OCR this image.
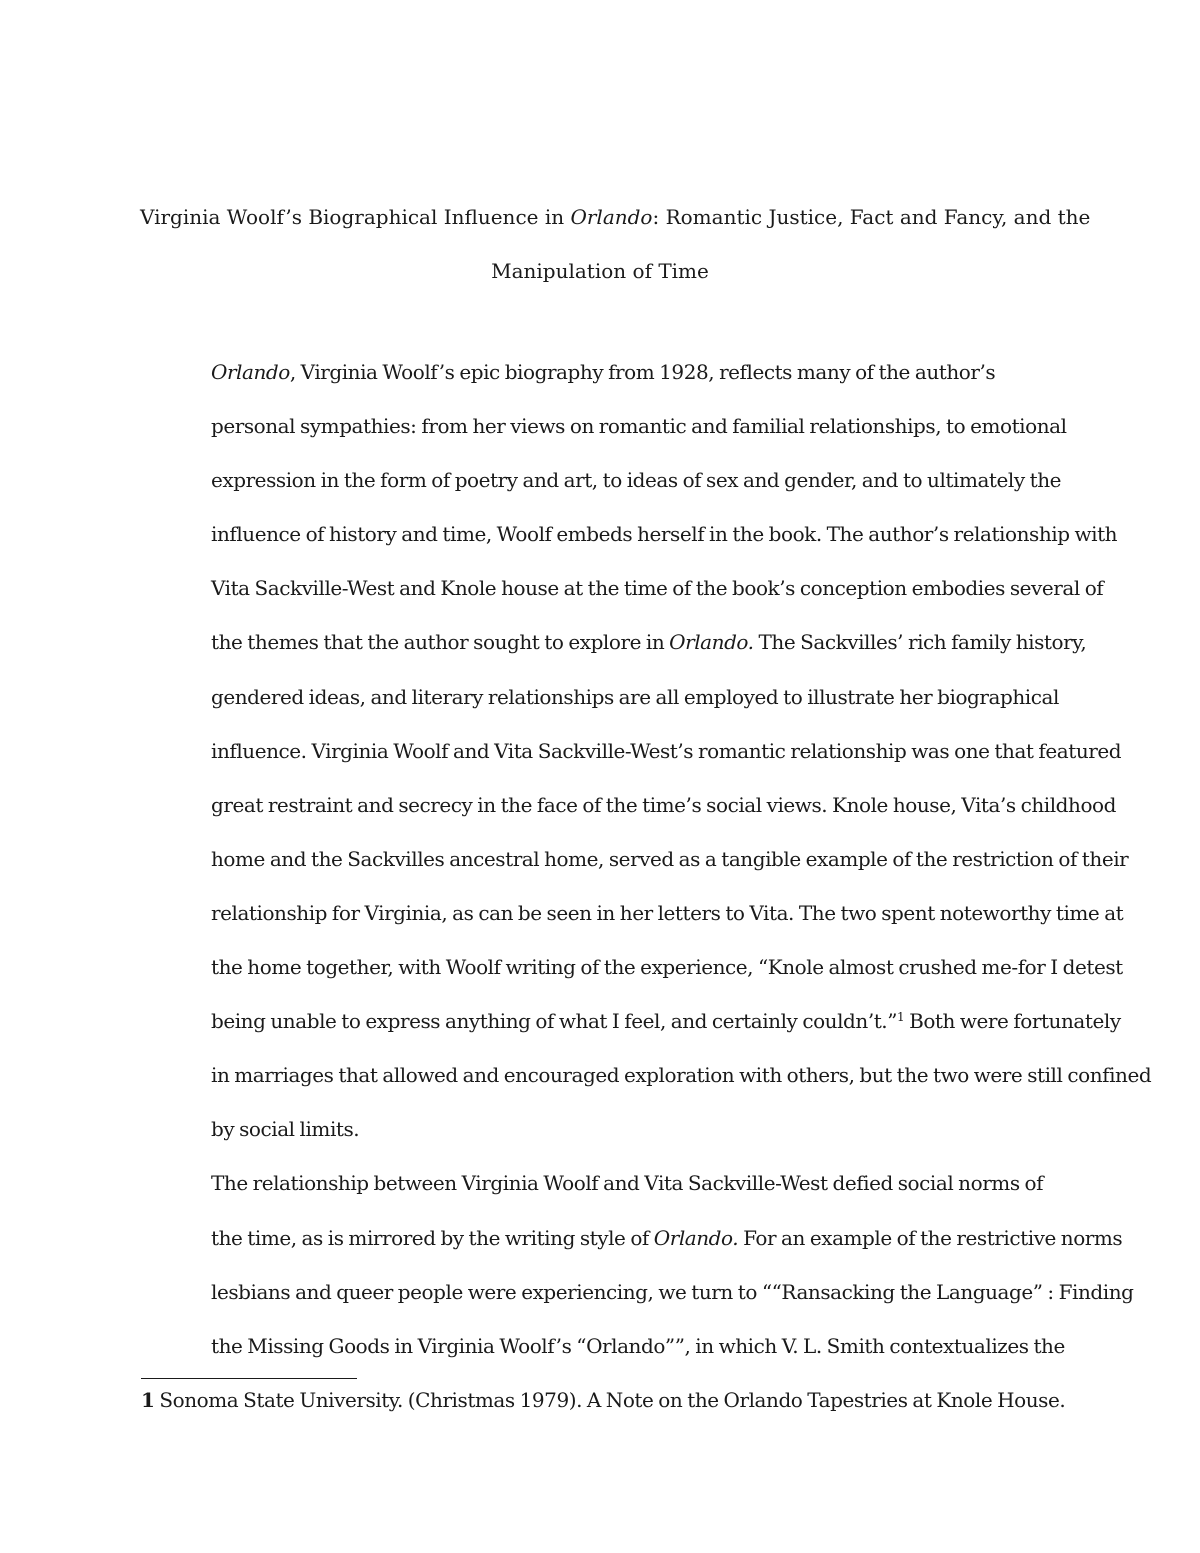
Virginia Woolf’s Biographical Influence in Orlando: Romantic Justice, Fact and Fancy, and the
Manipulation of Time

Orlando, Virginia Woolf’s epic biography from 1928, reflects many of the author’s
personal sympathies: from her views on romantic and familial relationships, to emotional
expression in the form of poetry and art, to ideas of sex and gender, and to ultimately the
influence of history and time, Woolf embeds herself in the book. The author’s relationship with
Vita Sackville-West and Knole house at the time of the book’s conception embodies several of
the themes that the author sought to explore in Orlando. The Sackvilles’ rich family history,
gendered ideas, and literary relationships are all employed to illustrate her biographical
influence. Virginia Woolf and Vita Sackville-West’s romantic relationship was one that featured
great restraint and secrecy in the face of the time’s social views. Knole house, Vita’s childhood
home and the Sackvilles ancestral home, served as a tangible example of the restriction of their
relationship for Virginia, as can be seen in her letters to Vita. The two spent noteworthy time at
the home together, with Woolf writing of the experience, “Knole almost crushed me-for I detest
being unable to express anything of what I feel, and certainly couldn’t.”$^1$ Both were fortunately
in marriages that allowed and encouraged exploration with others, but the two were still confined
by social limits.

The relationship between Virginia Woolf and Vita Sackville-West defied social norms of
the time, as is mirrored by the writing style of Orlando. For an example of the restrictive norms
lesbians and queer people were experiencing, we turn to ““Ransacking the Language” : Finding
the Missing Goods in Virginia Woolf’s “Orlando””, in which V. L. Smith contextualizes the

1 Sonoma State University. (Christmas 1979). A Note on the Orlando Tapestries at Knole House.
